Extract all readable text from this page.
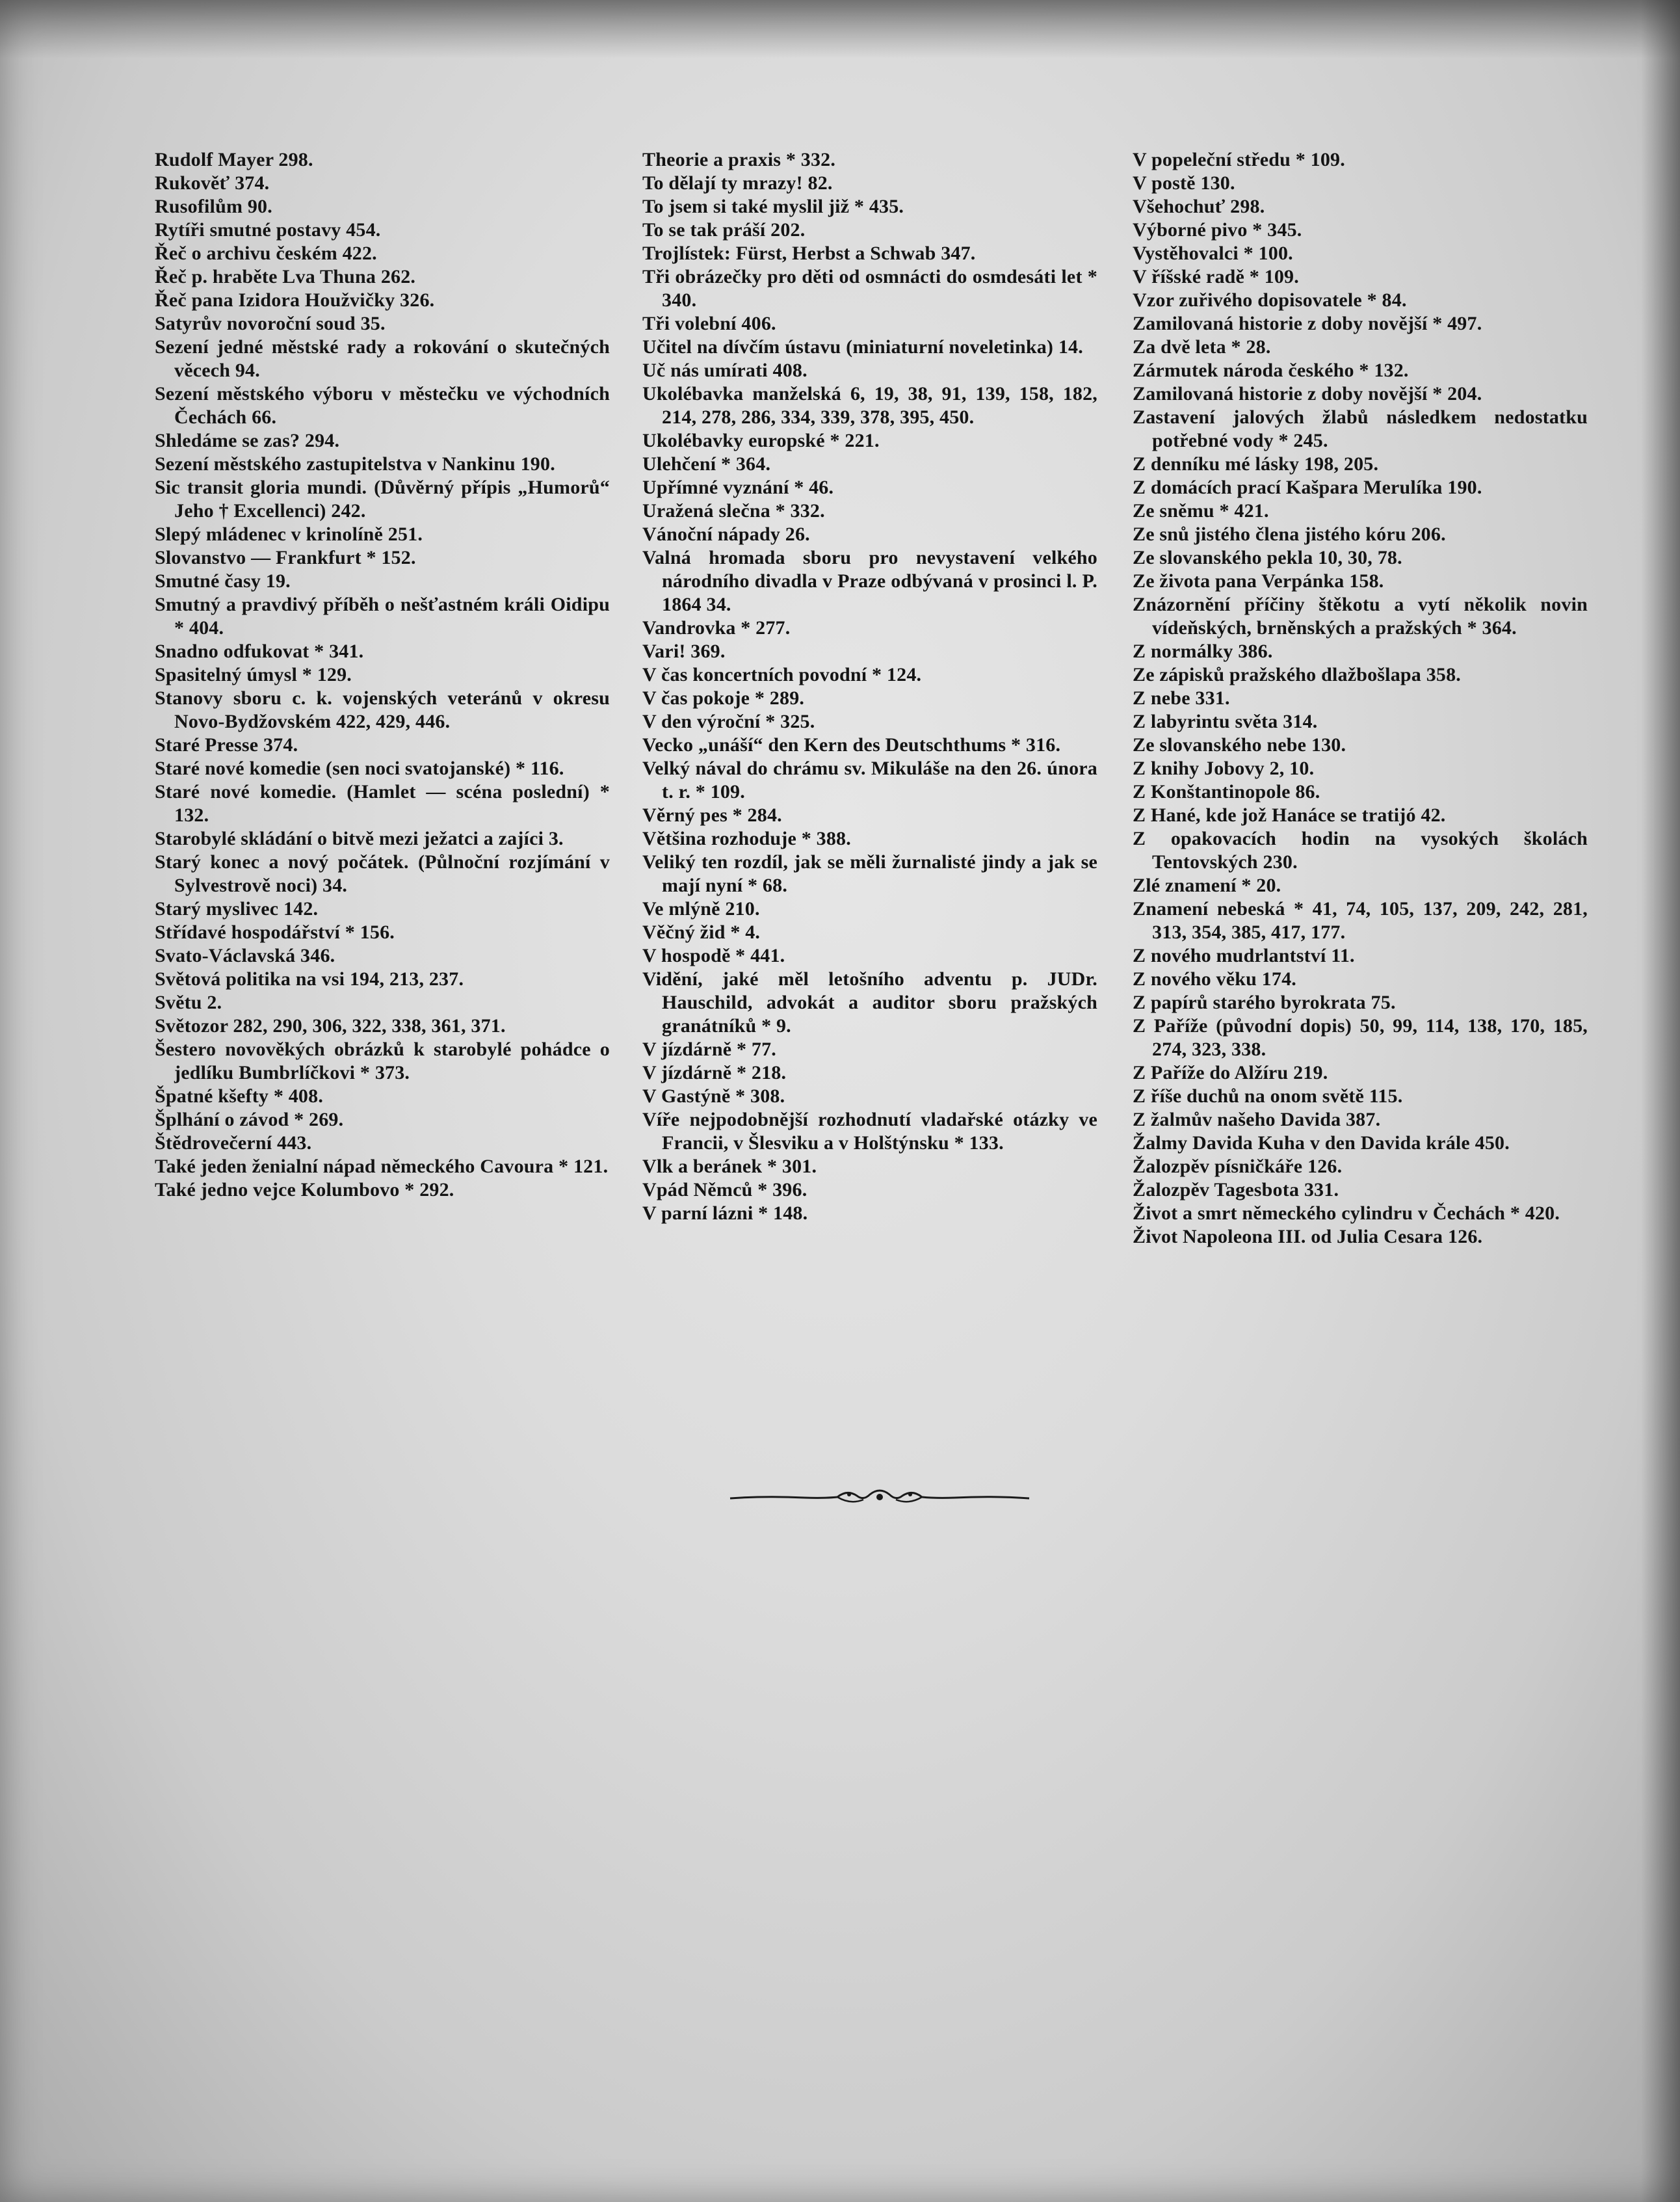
Rudolf Mayer 298.

Rukověť 374.

Rusofilům 90.

Rytíři smutné postavy 454.

Řeč o archivu českém 422.

Řeč p. hraběte Lva Thuna 262.

Řeč pana Izidora Houžvičky 326.

Satyrův novoroční soud 35.

Sezení jedné městské rady a rokování o skutečných věcech 94.

Sezení městského výboru v městečku ve východních Čechách 66.

Shledáme se zas? 294.

Sezení městského zastupitelstva v Nankinu 190.

Sic transit gloria mundi. (Důvěrný přípis „Humorů“ Jeho † Excellenci) 242.

Slepý mládenec v krinolíně 251.

Slovanstvo — Frankfurt * 152.

Smutné časy 19.

Smutný a pravdivý příběh o nešťastném králi Oidipu * 404.

Snadno odfukovat * 341.

Spasitelný úmysl * 129.

Stanovy sboru c. k. vojenských veteránů v okresu Novo-Bydžovském 422, 429, 446.

Staré Presse 374.

Staré nové komedie (sen noci svatojanské) * 116.

Staré nové komedie. (Hamlet — scéna poslední) * 132.

Starobylé skládání o bitvě mezi ježatci a zajíci 3.

Starý konec a nový počátek. (Půlnoční rozjímání v Sylvestrově noci) 34.

Starý myslivec 142.

Střídavé hospodářství * 156.

Svato-Václavská 346.

Světová politika na vsi 194, 213, 237.

Světu 2.

Světozor 282, 290, 306, 322, 338, 361, 371.

Šestero novověkých obrázků k starobylé pohádce o jedlíku Bumbrlíčkovi * 373.

Špatné kšefty * 408.

Šplhání o závod * 269.

Štědrovečerní 443.

Také jeden ženialní nápad německého Cavoura * 121.

Také jedno vejce Kolumbovo * 292.

Theorie a praxis * 332.

To dělají ty mrazy! 82.

To jsem si také myslil již * 435.

To se tak práší 202.

Trojlístek: Fürst, Herbst a Schwab 347.

Tři obrázečky pro děti od osmnácti do osmdesáti let * 340.

Tři volební 406.

Učitel na dívčím ústavu (miniaturní noveletinka) 14.

Uč nás umírati 408.

Ukolébavka manželská 6, 19, 38, 91, 139, 158, 182, 214, 278, 286, 334, 339, 378, 395, 450.

Ukolébavky europské * 221.

Ulehčení * 364.

Upřímné vyznání * 46.

Uražená slečna * 332.

Vánoční nápady 26.

Valná hromada sboru pro nevystavení velkého národního divadla v Praze odbývaná v prosinci l. P. 1864 34.

Vandrovka * 277.

Vari! 369.

V čas koncertních povodní * 124.

V čas pokoje * 289.

V den výroční * 325.

Vecko „unáší“ den Kern des Deutschthums * 316.

Velký nával do chrámu sv. Mikuláše na den 26. února t. r. * 109.

Věrný pes * 284.

Většina rozhoduje * 388.

Veliký ten rozdíl, jak se měli žurnalisté jindy a jak se mají nyní * 68.

Ve mlýně 210.

Věčný žid * 4.

V hospodě * 441.

Vidění, jaké měl letošního adventu p. JUDr. Hauschild, advokát a auditor sboru pražských granátníků * 9.

V jízdárně * 77.

V jízdárně * 218.

V Gastýně * 308.

Víře nejpodobnější rozhodnutí vladařské otázky ve Francii, v Šlesviku a v Holštýnsku * 133.

Vlk a beránek * 301.

Vpád Němců * 396.

V parní lázni * 148.

V popeleční středu * 109.

V postě 130.

Všehochuť 298.

Výborné pivo * 345.

Vystěhovalci * 100.

V říšské radě * 109.

Vzor zuřivého dopisovatele * 84.

Zamilovaná historie z doby novější * 497.

Za dvě leta * 28.

Zármutek národa českého * 132.

Zamilovaná historie z doby novější * 204.

Zastavení jalových žlabů následkem nedostatku potřebné vody * 245.

Z denníku mé lásky 198, 205.

Z domácích prací Kašpara Merulíka 190.

Ze sněmu * 421.

Ze snů jistého člena jistého kóru 206.

Ze slovanského pekla 10, 30, 78.

Ze života pana Verpánka 158.

Znázornění příčiny štěkotu a vytí několik novin vídeňských, brněnských a pražských * 364.

Z normálky 386.

Ze zápisků pražského dlažbošlapa 358.

Z nebe 331.

Z labyrintu světa 314.

Ze slovanského nebe 130.

Z knihy Jobovy 2, 10.

Z Konštantinopole 86.

Z Hané, kde jož Hanáce se tratijó 42.

Z opakovacích hodin na vysokých školách Tentovských 230.

Zlé znamení * 20.

Znamení nebeská * 41, 74, 105, 137, 209, 242, 281, 313, 354, 385, 417, 177.

Z nového mudrlantství 11.

Z nového věku 174.

Z papírů starého byrokrata 75.

Z Paříže (původní dopis) 50, 99, 114, 138, 170, 185, 274, 323, 338.

Z Paříže do Alžíru 219.

Z říše duchů na onom světě 115.

Z žalmův našeho Davida 387.

Žalmy Davida Kuha v den Davida krále 450.

Žalozpěv písničkáře 126.

Žalozpěv Tagesbota 331.

Život a smrt německého cylindru v Čechách * 420.

Život Napoleona III. od Julia Cesara 126.
